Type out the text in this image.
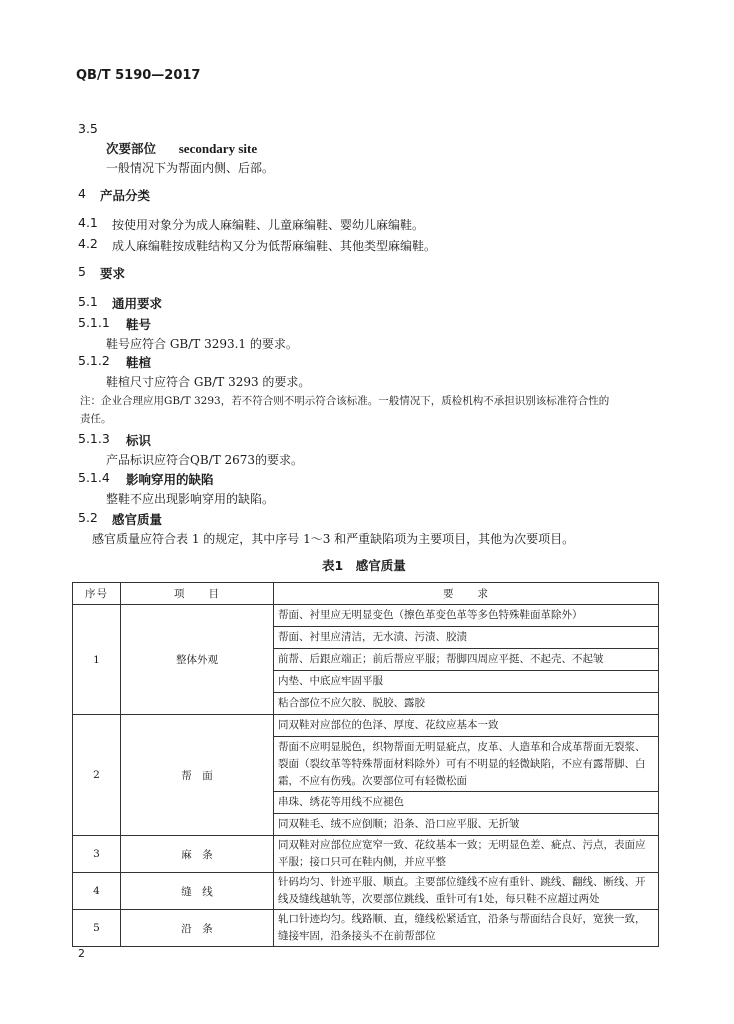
QB/T 5190—2017
3.5
次要部位 secondary site
一般情况下为帮面内侧、后部。
4 产品分类
4.1 按使用对象分为成人麻编鞋、儿童麻编鞋、婴幼儿麻编鞋。
4.2 成人麻编鞋按成鞋结构又分为低帮麻编鞋、其他类型麻编鞋。
5 要求
5.1 通用要求
5.1.1 鞋号
鞋号应符合 GB/T 3293.1 的要求。
5.1.2 鞋楦
鞋楦尺寸应符合 GB/T 3293 的要求。
注：企业合理应用GB/T 3293，若不符合则不明示符合该标准。一般情况下，质检机构不承担识别该标准符合性的
责任。
5.1.3 标识
产品标识应符合QB/T 2673的要求。
5.1.4 影响穿用的缺陷
整鞋不应出现影响穿用的缺陷。
5.2 感官质量
感官质量应符合表 1 的规定，其中序号 1～3 和严重缺陷项为主要项目，其他为次要项目。
表1　感官质量
序号	项　　目	要　　求
1	整体外观	帮面、衬里应无明显变色（擦色革变色革等多色特殊鞋面革除外）
		帮面、衬里应清洁，无水渍、污渍、胶渍
		前帮、后跟应端正；前后帮应平服；帮脚四周应平挺、不起壳、不起皱
		内垫、中底应牢固平服
		粘合部位不应欠胶、脱胶、露胶
2	帮　面	同双鞋对应部位的色泽、厚度、花纹应基本一致
		帮面不应明显脱色，织物帮面无明显疵点，皮革、人造革和合成革帮面无裂浆、裂面（裂纹革等特殊帮面材料除外）可有不明显的轻微缺陷，不应有露帮脚、白霜，不应有伤残。次要部位可有轻微松面
		串珠、绣花等用线不应褪色
		同双鞋毛、绒不应倒顺；沿条、沿口应平服、无折皱
3	麻　条	同双鞋对应部位应宽窄一致、花纹基本一致；无明显色差、疵点、污点，表面应平服；接口只可在鞋内侧，并应平整
4	缝　线	针码均匀、针迹平服、顺直。主要部位缝线不应有重针、跳线、翻线、断线、开线及缝线越轨等，次要部位跳线、重针可有1处，每只鞋不应超过两处
5	沿　条	轧口针迹均匀。线路顺、直，缝线松紧适宜，沿条与帮面结合良好，宽狭一致，缝接牢固，沿条接头不在前帮部位
2
